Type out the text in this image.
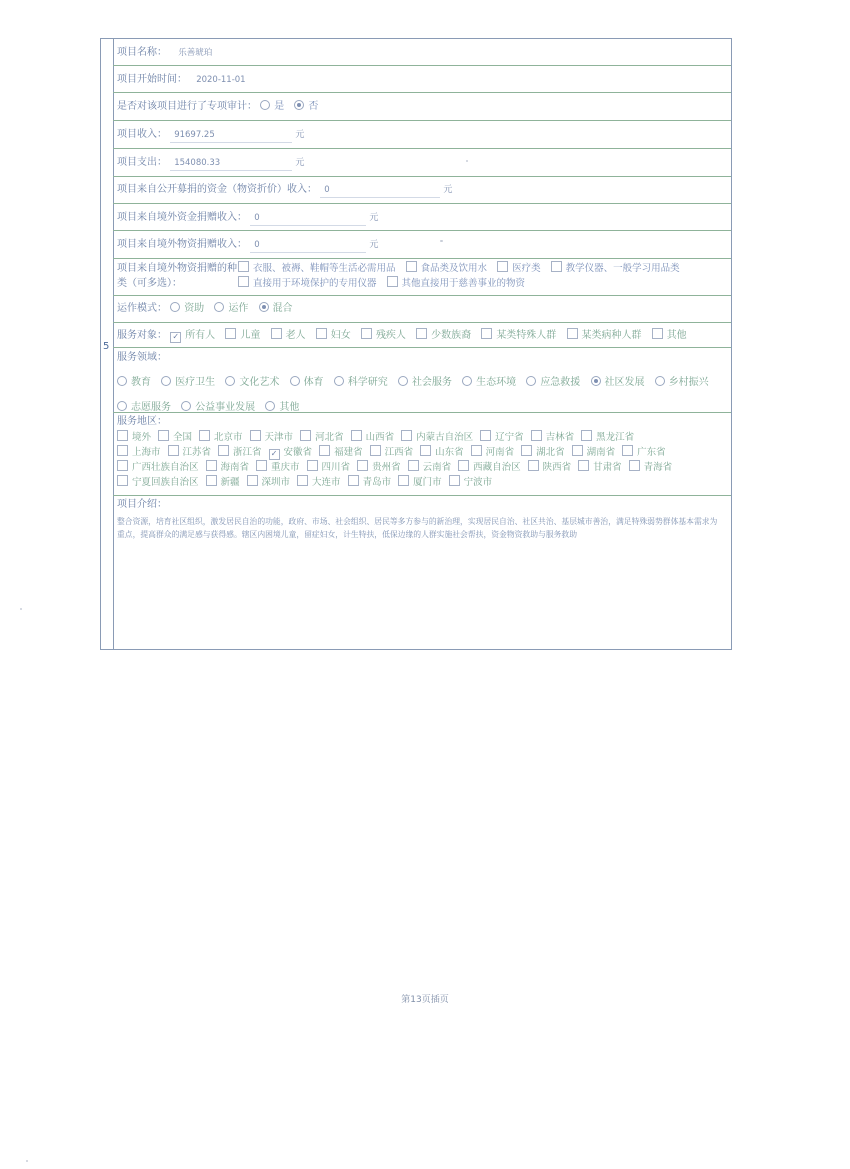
5
项目名称： 乐善琥珀
项目开始时间： 2020-11-01
是否对该项目进行了专项审计： 是 否
项目收入： 91697.25	元
项目支出： 154080.33	元
项目来自公开募捐的资金（物资折价）收入： 0	元
项目来自境外资金捐赠收入： 0	元
项目来自境外物资捐赠收入： 0	元
项目来自境外物资捐赠的种
类（可多选）：
衣服、被褥、鞋帽等生活必需用品	食品类及饮用水	医疗类	教学仪器、一般学习用品类
直接用于环境保护的专用仪器	其他直接用于慈善事业的物资
运作模式： 资助 运作 混合
服务对象： ✓ 所有人	儿童	老人	妇女	残疾人	少数族裔	某类特殊人群	某类病种人群	其他
服务领域：
教育 医疗卫生 文化艺术 体育 科学研究 社会服务 生态环境 应急救援 社区发展 乡村振兴
志愿服务 公益事业发展 其他
服务地区：
境外 全国 北京市 天津市 河北省 山西省 内蒙古自治区 辽宁省 吉林省 黑龙江省
上海市 江苏省 浙江省 ✓ 安徽省 福建省 江西省 山东省 河南省 湖北省 湖南省 广东省
广西壮族自治区 海南省 重庆市 四川省 贵州省 云南省 西藏自治区 陕西省 甘肃省 青海省
宁夏回族自治区 新疆 深圳市 大连市 青岛市 厦门市 宁波市
项目介绍：
整合资源，培育社区组织，激发居民自治的功能，政府、市场、社会组织、居民等多方参与的新治理，实现居民自治、社区共治、基层城市善治，满足特殊弱势群体基本需求为重点，提高群众的满足感与获得感。辖区内困境儿童，留症妇女，计生特扶，低保边缘的人群实施社会帮扶，资金物资救助与服务救助
第13页插页
